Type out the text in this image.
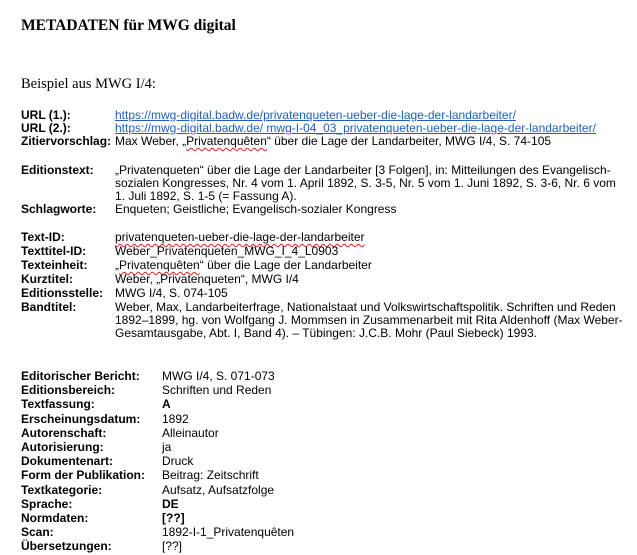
METADATEN für MWG digital
Beispiel aus MWG I/4:
URL (1.):	https://mwg-digital.badw.de/privatenqueten-ueber-die-lage-der-landarbeiter/
URL (2.):	https://mwg-digital.badw.de/ mwg-I-04_03_privatenqueten-ueber-die-lage-der-landarbeiter/
Zitiervorschlag: Max Weber, „Privatenquêten“ über die Lage der Landarbeiter, MWG I/4, S. 74-105
Editionstext: „Privatenqueten“ über die Lage der Landarbeiter [3 Folgen], in: Mitteilungen des Evangelisch-sozialen Kongresses, Nr. 4 vom 1. April 1892, S. 3-5, Nr. 5 vom 1. Juni 1892, S. 3-6, Nr. 6 vom 1. Juli 1892, S. 1-5 (= Fassung A).
Schlagworte: Enqueten; Geistliche; Evangelisch-sozialer Kongress
Text-ID:	privatenqueten-ueber-die-lage-der-landarbeiter
Texttitel-ID: Weber_Privatenqueten_MWG_I_4_L0903
Texteinheit: „Privatenquêten“ über die Lage der Landarbeiter
Kurztitel:	Weber, „Privatenqueten“, MWG I/4
Editionsstelle: MWG I/4, S. 074-105
Bandtitel:	Weber, Max, Landarbeiterfrage, Nationalstaat und Volkswirtschaftspolitik. Schriften und Reden 1892–1899, hg. von Wolfgang J. Mommsen in Zusammenarbeit mit Rita Aldenhoff (Max Weber-Gesamtausgabe, Abt. I, Band 4). – Tübingen: J.C.B. Mohr (Paul Siebeck) 1993.
Editorischer Bericht: MWG I/4, S. 071-073
Editionsbereich:	Schriften und Reden
Textfassung:	A
Erscheinungsdatum: 1892
Autorenschaft:	Alleinautor
Autorisierung:	ja
Dokumentenart:	Druck
Form der Publikation: Beitrag: Zeitschrift
Textkategorie:	Aufsatz, Aufsatzfolge
Sprache:	DE
Normdaten:	[??]
Scan:	1892-I-1_Privatenquêten
Übersetzungen:	[??]
